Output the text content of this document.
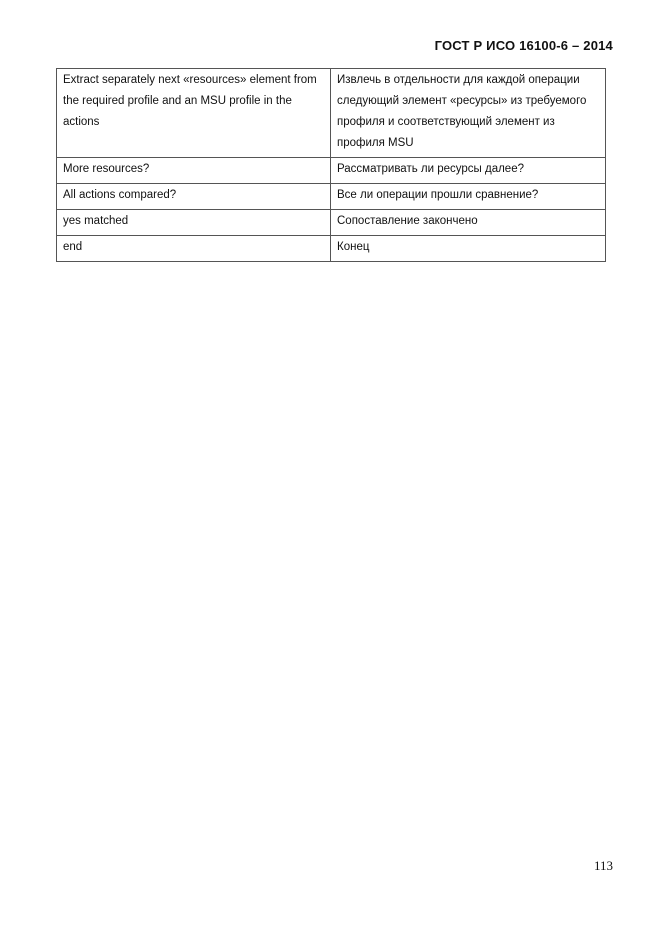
ГОСТ Р ИСО 16100-6 – 2014
Extract separately next «resources» element from the required profile and an MSU profile in the actions	Извлечь в отдельности для каждой операции следующий элемент «ресурсы» из требуемого профиля и соответствующий элемент из профиля MSU
More resources?	Рассматривать ли ресурсы далее?
All actions compared?	Все ли операции прошли сравнение?
yes matched	Сопоставление закончено
end	Конец
113
